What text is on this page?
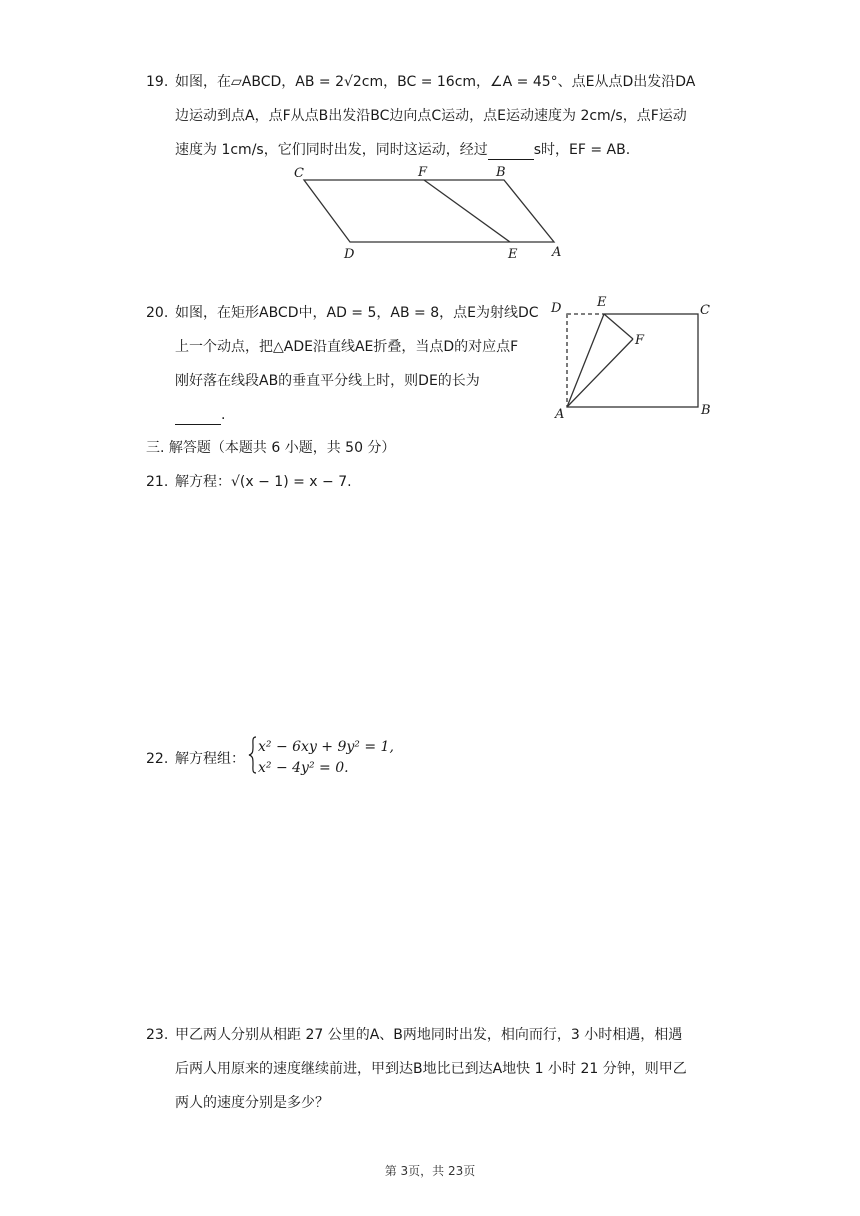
19. 如图，在▱ABCD，AB = 2√2cm，BC = 16cm，∠A = 45°、点E从点D出发沿DA
边运动到点A，点F从点B出发沿BC边向点C运动，点E运动速度为 2cm/s，点F运动
速度为 1cm/s，它们同时出发，同时这运动，经过	s时，EF = AB.
C	F	B
D	E	A
20. 如图，在矩形ABCD中，AD = 5，AB = 8，点E为射线DC
上一个动点，把△ADE沿直线AE折叠，当点D的对应点F
刚好落在线段AB的垂直平分线上时，则DE的长为
.
D	E
C
F
A	B
三. 解答题（本题共 6 小题，共 50 分）
21. 解方程：√(x − 1) = x − 7.
22. 解方程组：
x² − 6xy + 9y² = 1,
x² − 4y² = 0.
23. 甲乙两人分别从相距 27 公里的A、B两地同时出发，相向而行，3 小时相遇，相遇
后两人用原来的速度继续前进，甲到达B地比已到达A地快 1 小时 21 分钟，则甲乙
两人的速度分别是多少？
第 3页，共 23页
